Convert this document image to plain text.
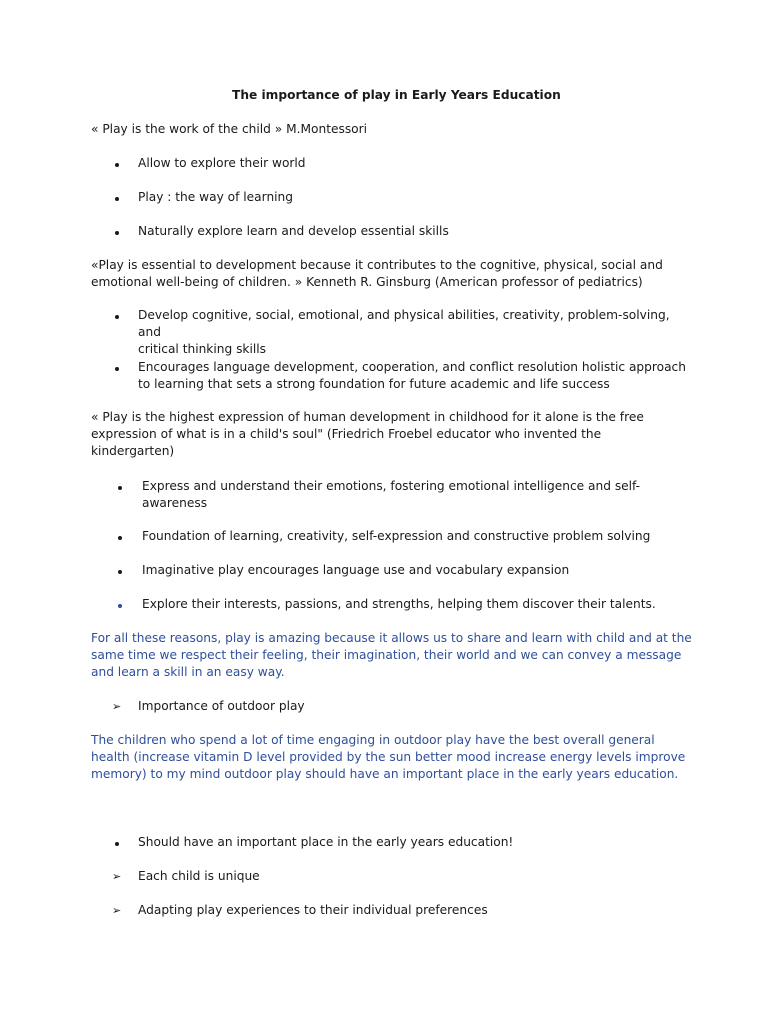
The importance of play in Early Years Education
« Play is the work of the child » M.Montessori
Allow to explore their world
Play : the way of learning
Naturally explore learn and develop essential skills
«Play is essential to development because it contributes to the cognitive, physical, social and
emotional well-being of children. » Kenneth R. Ginsburg (American professor of pediatrics)
Develop cognitive, social, emotional, and physical abilities, creativity, problem-solving, and
critical thinking skills
Encourages language development, cooperation, and conflict resolution holistic approach
to learning that sets a strong foundation for future academic and life success
« Play is the highest expression of human development in childhood for it alone is the free
expression of what is in a child's soul" (Friedrich Froebel educator who invented the
kindergarten)
Express and understand their emotions, fostering emotional intelligence and self-
awareness
Foundation of learning, creativity, self-expression and constructive problem solving
Imaginative play encourages language use and vocabulary expansion
Explore their interests, passions, and strengths, helping them discover their talents.
For all these reasons, play is amazing because it allows us to share and learn with child and at the
same time we respect their feeling, their imagination, their world and we can convey a message
and learn a skill in an easy way.
➢	Importance of outdoor play
The children who spend a lot of time engaging in outdoor play have the best overall general
health (increase vitamin D level provided by the sun better mood increase energy levels improve
memory) to my mind outdoor play should have an important place in the early years education.
Should have an important place in the early years education!
➢	Each child is unique
➢	Adapting play experiences to their individual preferences
